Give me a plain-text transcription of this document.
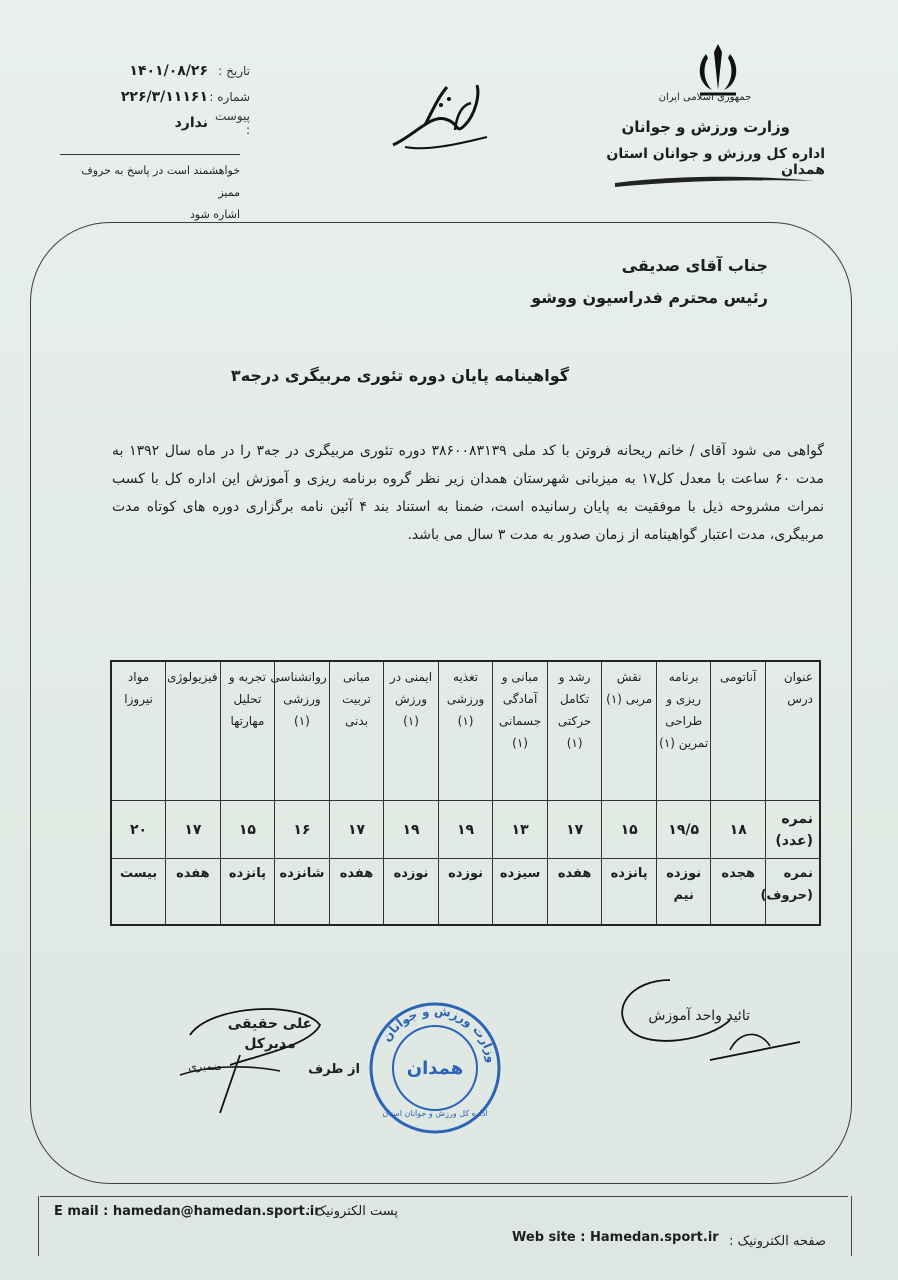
تاریخ :
۱۴۰۱/۰۸/۲۶
شماره :
۲۲۶/۳/۱۱۱۶۱
پیوست :
ندارد
خواهشمند است در پاسخ به حروف ممیز
اشاره شود
جمهوری اسلامی ایران
وزارت ورزش و جوانان
اداره کل ورزش و جوانان استان همدان
جناب آقای صدیقی
رئیس محترم فدراسیون ووشو
گواهینامه پایان دوره تئوری مربیگری درجه۳
گواهی می شود آقای / خانم ریحانه فروتن با کد ملی ۳۸۶۰۰۸۳۱۳۹ دوره تئوری مربیگری در جه۳ را در ماه سال ۱۳۹۲ به مدت ۶۰ ساعت با معدل کل۱۷ به میزبانی شهرستان همدان زیر نظر گروه برنامه ریزی و آموزش این اداره کل با کسب نمرات مشروحه ذیل با موفقیت به پایان رسانیده است، ضمنا به استناد بند ۴ آئین نامه برگزاری دوره های کوتاه مدت مربیگری، مدت اعتبار گواهینامه از زمان صدور به مدت ۳ سال می باشد.
عنوان درس	آناتومی	برنامه ریزی و طراحی تمرین (۱)	نقش مربی (۱)	رشد و تکامل حرکتی (۱)	مبانی و آمادگی جسمانی (۱)	تغذیه ورزشی (۱)	ایمنی در ورزش (۱)	مبانی تربیت بدنی	روانشناسی ورزشی (۱)	تجربه و تحلیل مهارتها	فیزیولوژی	مواد نیروزا
نمره (عدد)	۱۸	۱۹/۵	۱۵	۱۷	۱۳	۱۹	۱۹	۱۷	۱۶	۱۵	۱۷	۲۰
نمره (حروف)	هجده	نوزده نیم	پانزده	هفده	سیزده	نوزده	نوزده	هفده	شانزده	پانزده	هفده	بیست
تائید واحد آموزش
وزارت ورزش و جوانان
همدان
اداره کل ورزش و جوانان استان
علی حقیقی
مدیرکل
از طرف
ضمیری
پست الکترونیک :
E mail : hamedan@hamedan.sport.ir
صفحه الکترونیک :
Web site : Hamedan.sport.ir
